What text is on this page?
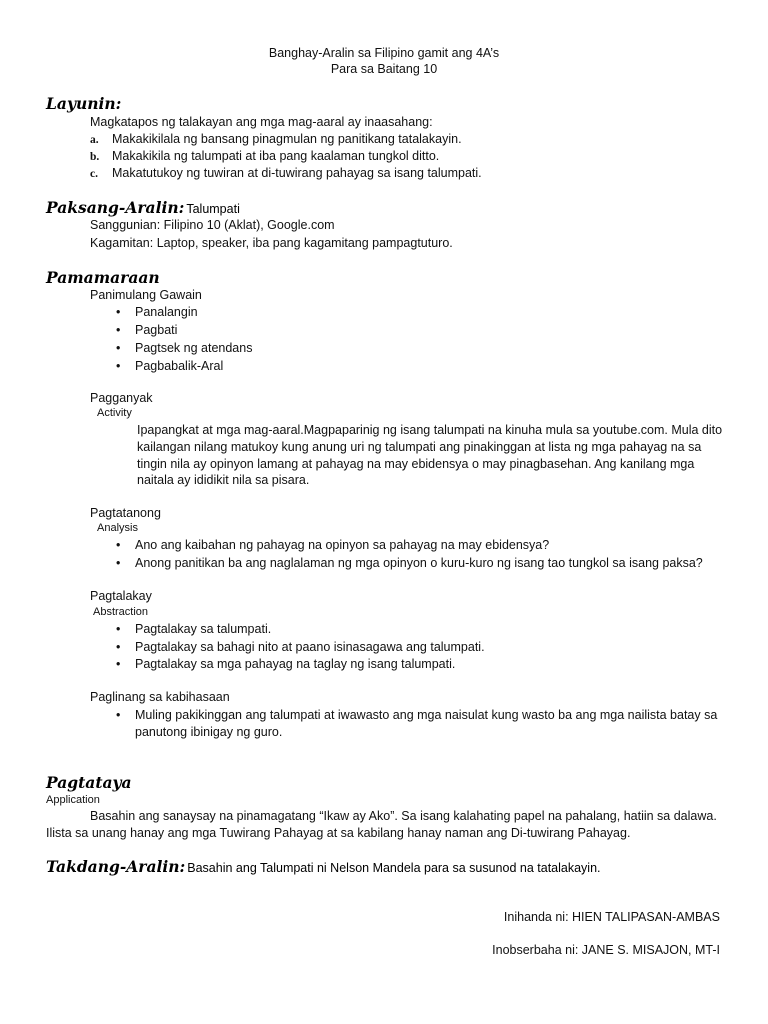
Banghay-Aralin sa Filipino gamit ang 4A’s
Para sa Baitang 10
Layunin:
Magkatapos ng talakayan ang mga mag-aaral ay inaasahang:
a. Makakikilala ng bansang pinagmulan ng panitikang tatalakayin.
b. Makakikila ng talumpati at iba pang kaalaman tungkol ditto.
c. Makatutukoy ng tuwiran at di-tuwirang pahayag sa isang talumpati.
Paksang-Aralin: Talumpati
Sanggunian: Filipino 10 (Aklat), Google.com
Kagamitan: Laptop, speaker, iba pang kagamitang pampagtuturo.
Pamamaraan
Panimulang Gawain
• Panalangin
• Pagbati
• Pagtsek ng atendans
• Pagbabalik-Aral
Pagganyak
Activity
Ipapangkat at mga mag-aaral.Magpaparinig ng isang talumpati na kinuha mula sa youtube.com. Mula dito
kailangan nilang matukoy kung anung uri ng talumpati ang pinakinggan at lista ng mga pahayag na sa
tingin nila ay opinyon lamang at pahayag na may ebidensya o may pinagbasehan. Ang kanilang mga
naitala ay ididikit nila sa pisara.
Pagtatanong
Analysis
• Ano ang kaibahan ng pahayag na opinyon sa pahayag na may ebidensya?
• Anong panitikan ba ang naglalaman ng mga opinyon o kuru-kuro ng isang tao tungkol sa isang paksa?
Pagtalakay
Abstraction
• Pagtalakay sa talumpati.
• Pagtalakay sa bahagi nito at paano isinasagawa ang talumpati.
• Pagtalakay sa mga pahayag na taglay ng isang talumpati.
Paglinang sa kabihasaan
• Muling pakikinggan ang talumpati at iwawasto ang mga naisulat kung wasto ba ang mga nailista batay sa
panutong ibinigay ng guro.
Pagtataya
Application
Basahin ang sanaysay na pinamagatang “Ikaw ay Ako”. Sa isang kalahating papel na pahalang, hatiin sa dalawa.
Ilista sa unang hanay ang mga Tuwirang Pahayag at sa kabilang hanay naman ang Di-tuwirang Pahayag.
Takdang-Aralin: Basahin ang Talumpati ni Nelson Mandela para sa susunod na tatalakayin.
Inihanda ni: HIEN TALIPASAN-AMBAS
Inobserbaha ni: JANE S. MISAJON, MT-I
